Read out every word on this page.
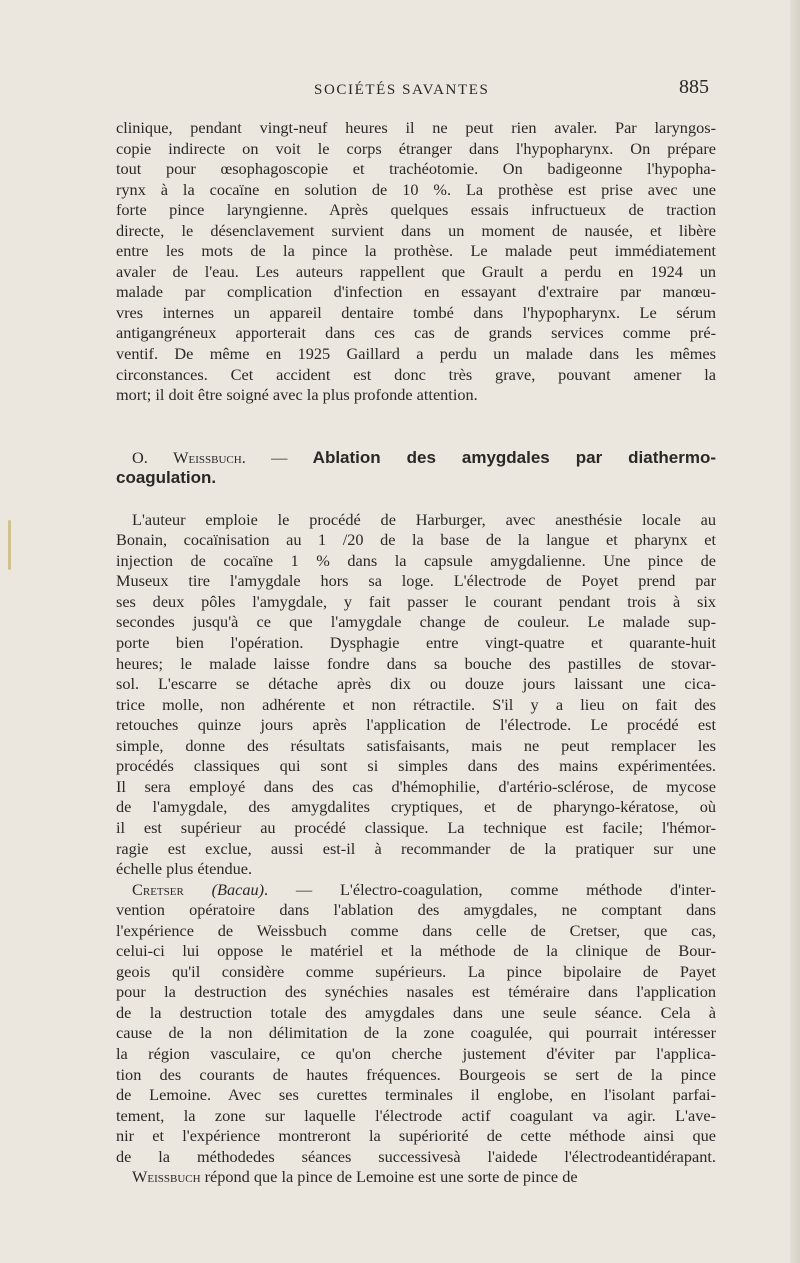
SOCIÉTÉS SAVANTES	885
clinique, pendant vingt-neuf heures il ne peut rien avaler. Par laryngos-
copie indirecte on voit le corps étranger dans l'hypopharynx. On prépare
tout pour œsophagoscopie et trachéotomie. On badigeonne l'hypopha-
rynx à la cocaïne en solution de 10 %. La prothèse est prise avec une
forte pince laryngienne. Après quelques essais infructueux de traction
directe, le désenclavement survient dans un moment de nausée, et libère
entre les mots de la pince la prothèse. Le malade peut immédiatement
avaler de l'eau. Les auteurs rappellent que Grault a perdu en 1924 un
malade par complication d'infection en essayant d'extraire par manœu-
vres internes un appareil dentaire tombé dans l'hypopharynx. Le sérum
antigangréneux apporterait dans ces cas de grands services comme pré-
ventif. De même en 1925 Gaillard a perdu un malade dans les mêmes
circonstances. Cet accident est donc très grave, pouvant amener la
mort; il doit être soigné avec la plus profonde attention.
O. Weissbuch. — Ablation des amygdales par diathermo-
coagulation.
L'auteur emploie le procédé de Harburger, avec anesthésie locale au
Bonain, cocaïnisation au 1 /20 de la base de la langue et pharynx et
injection de cocaïne 1 % dans la capsule amygdalienne. Une pince de
Museux tire l'amygdale hors sa loge. L'électrode de Poyet prend par
ses deux pôles l'amygdale, y fait passer le courant pendant trois à six
secondes jusqu'à ce que l'amygdale change de couleur. Le malade sup-
porte bien l'opération. Dysphagie entre vingt-quatre et quarante-huit
heures; le malade laisse fondre dans sa bouche des pastilles de stovar-
sol. L'escarre se détache après dix ou douze jours laissant une cica-
trice molle, non adhérente et non rétractile. S'il y a lieu on fait des
retouches quinze jours après l'application de l'électrode. Le procédé est
simple, donne des résultats satisfaisants, mais ne peut remplacer les
procédés classiques qui sont si simples dans des mains expérimentées.
Il sera employé dans des cas d'hémophilie, d'artério-sclérose, de mycose
de l'amygdale, des amygdalites cryptiques, et de pharyngo-kératose, où
il est supérieur au procédé classique. La technique est facile; l'hémor-
ragie est exclue, aussi est-il à recommander de la pratiquer sur une
échelle plus étendue.
Cretser (Bacau). — L'électro-coagulation, comme méthode d'inter-
vention opératoire dans l'ablation des amygdales, ne comptant dans
l'expérience de Weissbuch comme dans celle de Cretser, que cas,
celui-ci lui oppose le matériel et la méthode de la clinique de Bour-
geois qu'il considère comme supérieurs. La pince bipolaire de Payet
pour la destruction des synéchies nasales est téméraire dans l'application
de la destruction totale des amygdales dans une seule séance. Cela à
cause de la non délimitation de la zone coagulée, qui pourrait intéresser
la région vasculaire, ce qu'on cherche justement d'éviter par l'applica-
tion des courants de hautes fréquences. Bourgeois se sert de la pince
de Lemoine. Avec ses curettes terminales il englobe, en l'isolant parfai-
tement, la zone sur laquelle l'électrode actif coagulant va agir. L'ave-
nir et l'expérience montreront la supériorité de cette méthode ainsi que
de la méthodedes séances successivesà l'aidede l'électrodeantidérapant.
Weissbuch répond que la pince de Lemoine est une sorte de pince de
